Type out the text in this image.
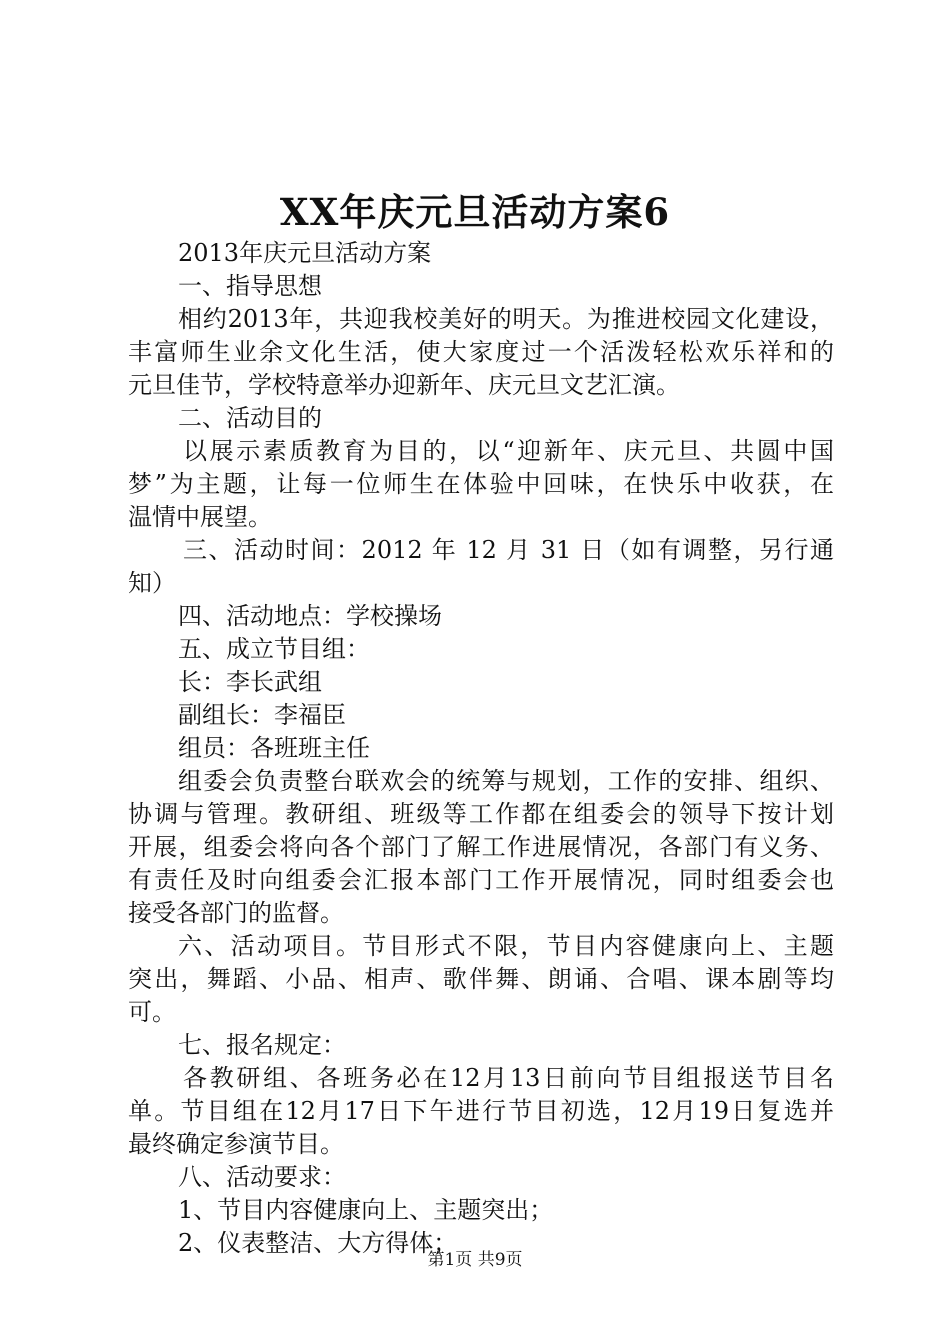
XX年庆元旦活动方案6
2013年庆元旦活动方案
一、指导思想
相约2013年，共迎我校美好的明天。为推进校园文化建设，
丰富师生业余文化生活，使大家度过一个活泼轻松欢乐祥和的
元旦佳节，学校特意举办迎新年、庆元旦文艺汇演。
二、活动目的
以展示素质教育为目的，以“迎新年、庆元旦、共圆中国
梦”为主题，让每一位师生在体验中回味，在快乐中收获，在
温情中展望。
三、活动时间：2012 年 12 月 31 日（如有调整，另行通
知）
四、活动地点：学校操场
五、成立节目组：
长：李长武组
副组长：李福臣
组员：各班班主任
组委会负责整台联欢会的统筹与规划，工作的安排、组织、
协调与管理。教研组、班级等工作都在组委会的领导下按计划
开展，组委会将向各个部门了解工作进展情况，各部门有义务、
有责任及时向组委会汇报本部门工作开展情况，同时组委会也
接受各部门的监督。
六、活动项目。节目形式不限，节目内容健康向上、主题
突出，舞蹈、小品、相声、歌伴舞、朗诵、合唱、课本剧等均
可。
七、报名规定：
各教研组、各班务必在12月13日前向节目组报送节目名
单。节目组在12月17日下午进行节目初选，12月19日复选并
最终确定参演节目。
八、活动要求：
1、节目内容健康向上、主题突出；
2、仪表整洁、大方得体；
第1页 共9页
